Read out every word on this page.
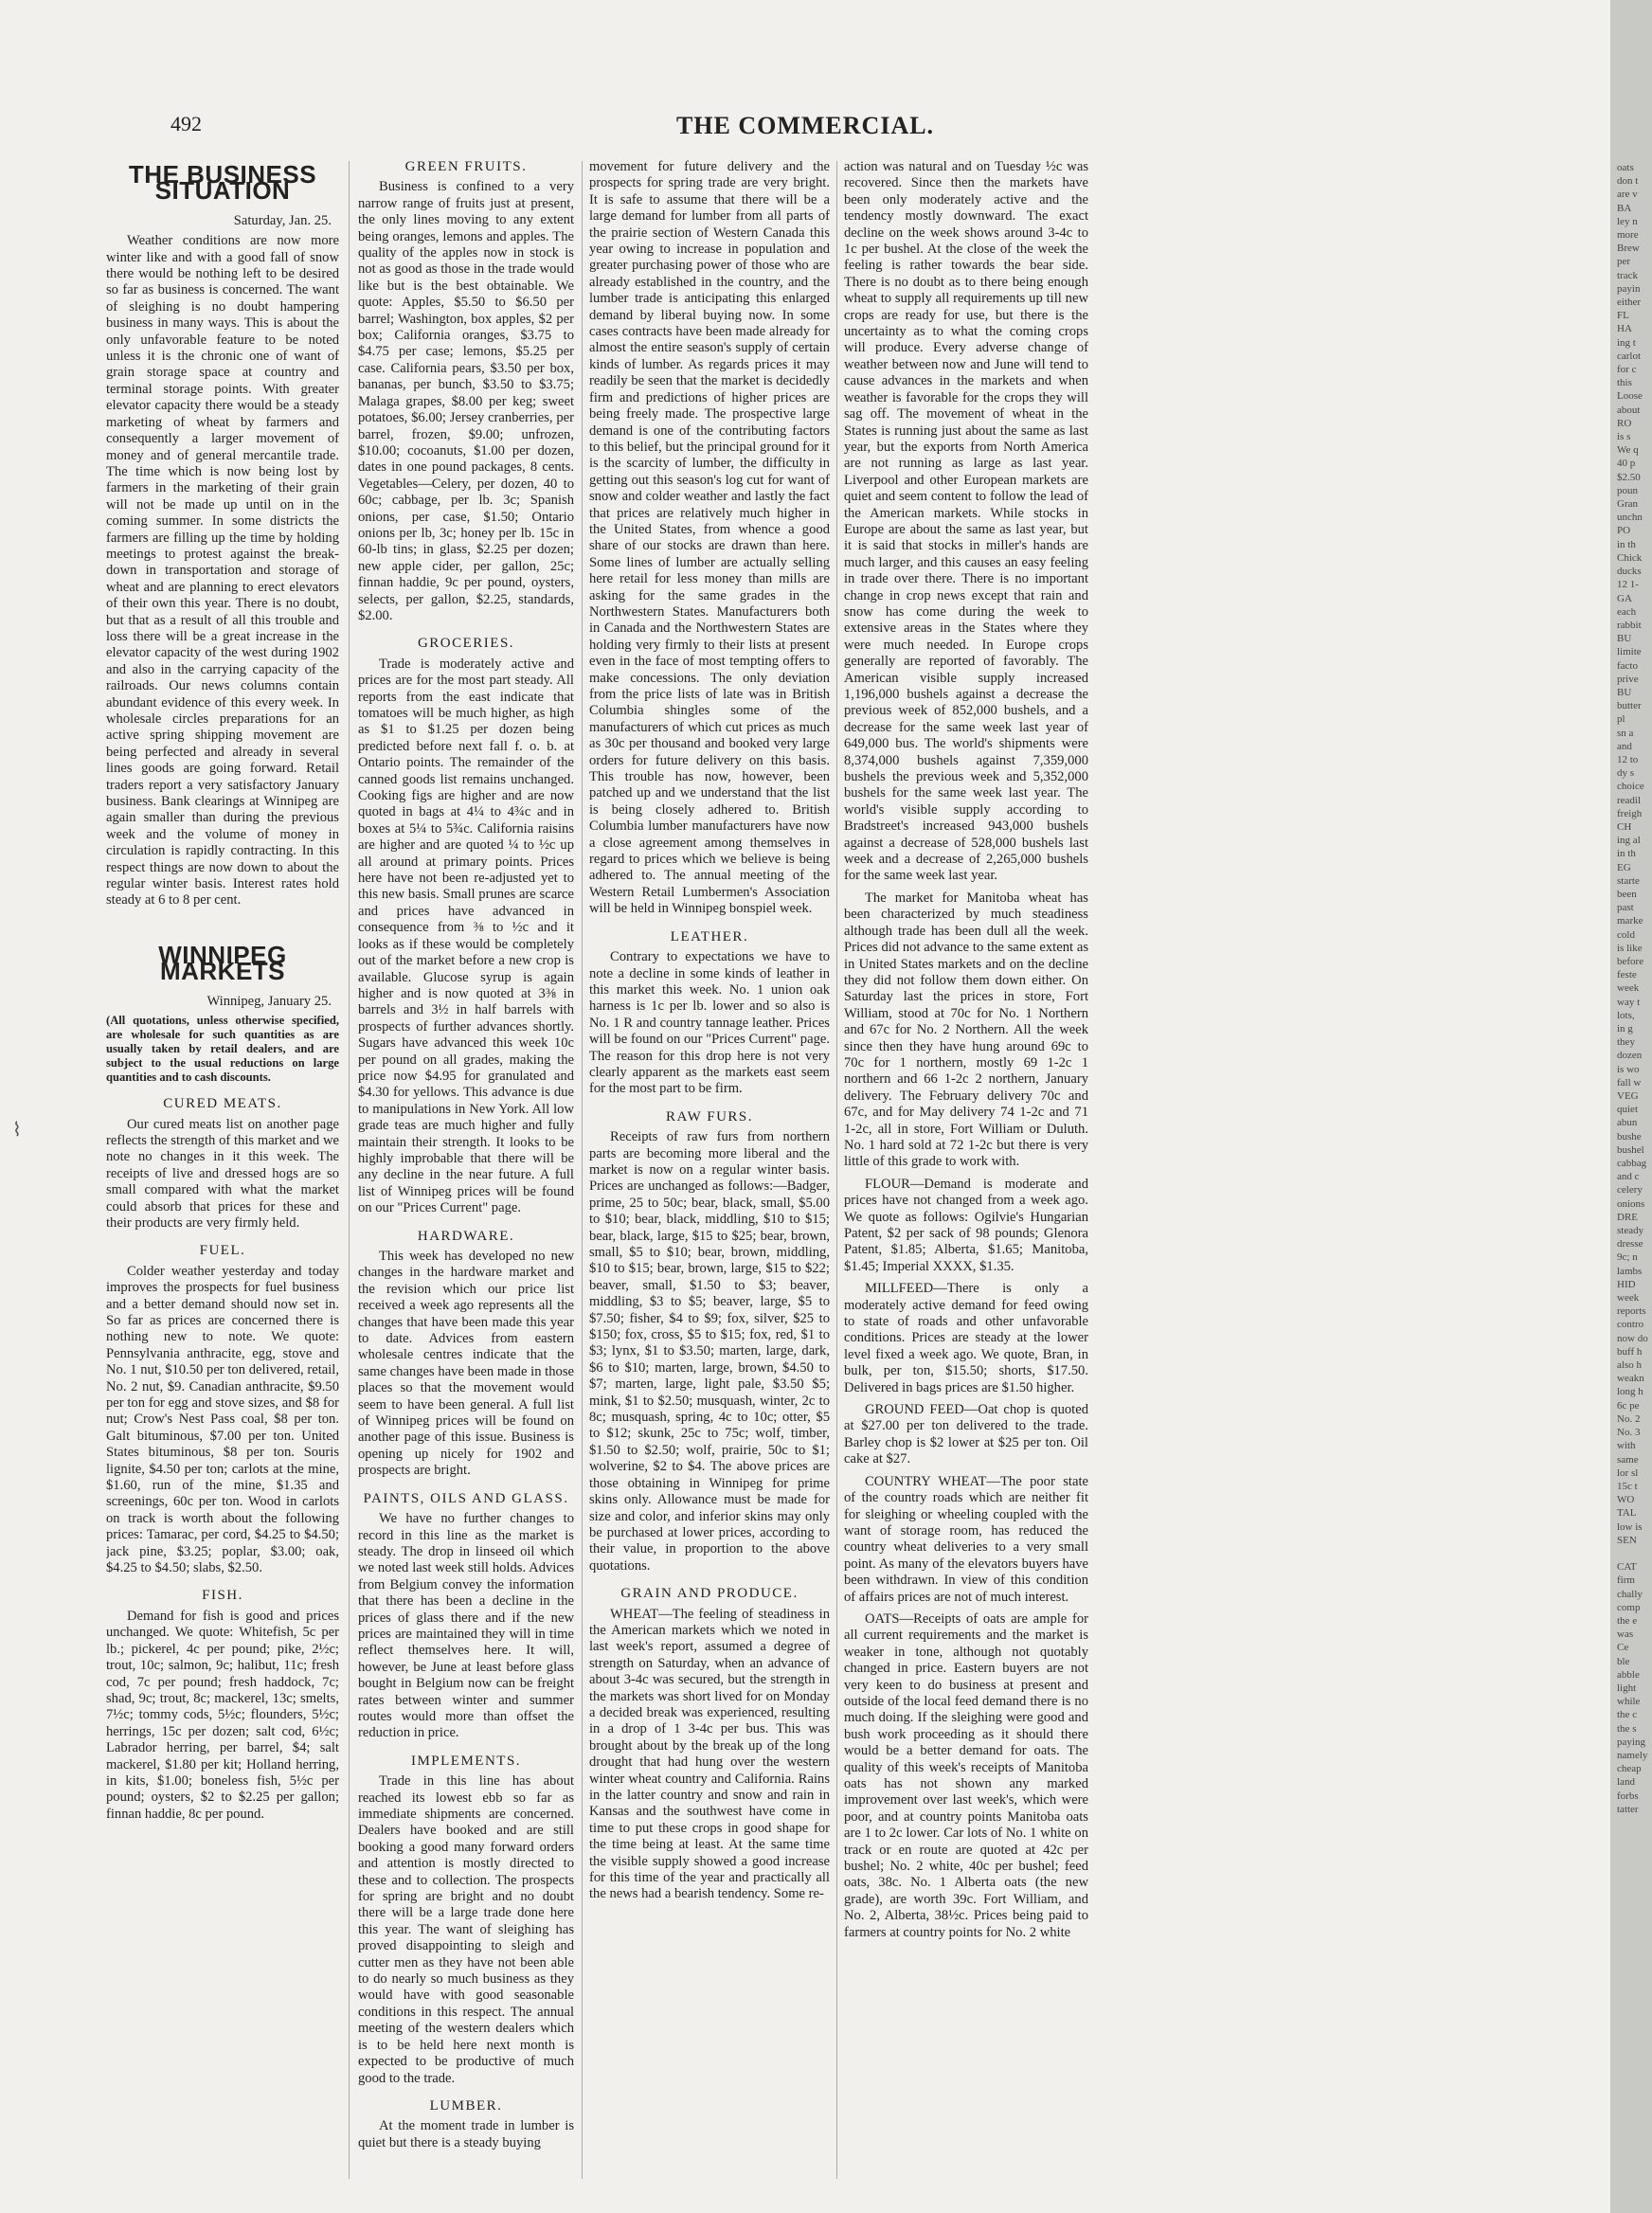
oats
don t
are v
BA
ley n
more
Brew
per
track
payin
either
FL
HA
ing t
carlot
for c
this
Loose
about
RO
is s
We q
40 p
$2.50
poun
Gran
unchn
PO
in th
Chick
ducks
12 1-
GA
each
rabbit
BU
limite
facto
prive
BU
butter
pl
sn a
and
12 to
dy s
choice
readil
freigh
CH
ing al
in th
EG
starte
been
past
marke
cold
is like
before
feste
week
way t
lots,
in g
they
dozen
is wo
fall w
VEG
quiet
abun
bushe
bushel
cabbag
and c
celery
onions
DRE
steady
dresse
9c; n
lambs
HID
week
reports
contro
now do
buff h
also h
weakn
long h
6c pe
No. 2
No. 3
with
same
lor sl
15c t
WO
TAL
low is
SEN

CAT
firm
chally
comp
the e
was
Ce
ble
abble
light
while
the c
the s
paying
namely
cheap
land
forbs
tatter
⌇
492	THE COMMERCIAL.
THE BUSINESS SITUATION
Saturday, Jan. 25.

Weather conditions are now more winter like and with a good fall of snow there would be nothing left to be desired so far as business is concerned. The want of sleighing is no doubt hampering business in many ways. This is about the only unfavorable feature to be noted unless it is the chronic one of want of grain storage space at country and terminal storage points. With greater elevator capacity there would be a steady marketing of wheat by farmers and consequently a larger movement of money and of general mercantile trade. The time which is now being lost by farmers in the marketing of their grain will not be made up until on in the coming summer. In some districts the farmers are filling up the time by holding meetings to protest against the break-down in transportation and storage of wheat and are planning to erect elevators of their own this year. There is no doubt, but that as a result of all this trouble and loss there will be a great increase in the elevator capacity of the west during 1902 and also in the carrying capacity of the railroads. Our news columns contain abundant evidence of this every week. In wholesale circles preparations for an active spring shipping movement are being perfected and already in several lines goods are going forward. Retail traders report a very satisfactory January business. Bank clearings at Winnipeg are again smaller than during the previous week and the volume of money in circulation is rapidly contracting. In this respect things are now down to about the regular winter basis. Interest rates hold steady at 6 to 8 per cent.

WINNIPEG MARKETS
Winnipeg, January 25.
(All quotations, unless otherwise specified, are wholesale for such quantities as are usually taken by retail dealers, and are subject to the usual reductions on large quantities and to cash discounts.
CURED MEATS.

Our cured meats list on another page reflects the strength of this market and we note no changes in it this week. The receipts of live and dressed hogs are so small compared with what the market could absorb that prices for these and their products are very firmly held.

FUEL.

Colder weather yesterday and today improves the prospects for fuel business and a better demand should now set in. So far as prices are concerned there is nothing new to note. We quote: Pennsylvania anthracite, egg, stove and No. 1 nut, $10.50 per ton delivered, retail, No. 2 nut, $9. Canadian anthracite, $9.50 per ton for egg and stove sizes, and $8 for nut; Crow's Nest Pass coal, $8 per ton. Galt bituminous, $7.00 per ton. United States bituminous, $8 per ton. Souris lignite, $4.50 per ton; carlots at the mine, $1.60, run of the mine, $1.35 and screenings, 60c per ton. Wood in carlots on track is worth about the following prices: Tamarac, per cord, $4.25 to $4.50; jack pine, $3.25; poplar, $3.00; oak, $4.25 to $4.50; slabs, $2.50.

FISH.

Demand for fish is good and prices unchanged. We quote: Whitefish, 5c per lb.; pickerel, 4c per pound; pike, 2½c; trout, 10c; salmon, 9c; halibut, 11c; fresh cod, 7c per pound; fresh haddock, 7c; shad, 9c; trout, 8c; mackerel, 13c; smelts, 7½c; tommy cods, 5½c; flounders, 5½c; herrings, 15c per dozen; salt cod, 6½c; Labrador herring, per barrel, $4; salt mackerel, $1.80 per kit; Holland herring, in kits, $1.00; boneless fish, 5½c per pound; oysters, $2 to $2.25 per gallon; finnan haddie, 8c per pound.

GREEN FRUITS.

Business is confined to a very narrow range of fruits just at present, the only lines moving to any extent being oranges, lemons and apples. The quality of the apples now in stock is not as good as those in the trade would like but is the best obtainable. We quote: Apples, $5.50 to $6.50 per barrel; Washington, box apples, $2 per box; California oranges, $3.75 to $4.75 per case; lemons, $5.25 per case. California pears, $3.50 per box, bananas, per bunch, $3.50 to $3.75; Malaga grapes, $8.00 per keg; sweet potatoes, $6.00; Jersey cranberries, per barrel, frozen, $9.00; unfrozen, $10.00; cocoanuts, $1.00 per dozen, dates in one pound packages, 8 cents. Vegetables—Celery, per dozen, 40 to 60c; cabbage, per lb. 3c; Spanish onions, per case, $1.50; Ontario onions per lb, 3c; honey per lb. 15c in 60-lb tins; in glass, $2.25 per dozen; new apple cider, per gallon, 25c; finnan haddie, 9c per pound, oysters, selects, per gallon, $2.25, standards, $2.00.

GROCERIES.

Trade is moderately active and prices are for the most part steady. All reports from the east indicate that tomatoes will be much higher, as high as $1 to $1.25 per dozen being predicted before next fall f. o. b. at Ontario points. The remainder of the canned goods list remains unchanged. Cooking figs are higher and are now quoted in bags at 4¼ to 4¾c and in boxes at 5¼ to 5¾c. California raisins are higher and are quoted ¼ to ½c up all around at primary points. Prices here have not been re-adjusted yet to this new basis. Small prunes are scarce and prices have advanced in consequence from ⅜ to ½c and it looks as if these would be completely out of the market before a new crop is available. Glucose syrup is again higher and is now quoted at 3⅜ in barrels and 3½ in half barrels with prospects of further advances shortly. Sugars have advanced this week 10c per pound on all grades, making the price now $4.95 for granulated and $4.30 for yellows. This advance is due to manipulations in New York. All low grade teas are much higher and fully maintain their strength. It looks to be highly improbable that there will be any decline in the near future. A full list of Winnipeg prices will be found on our "Prices Current" page.

HARDWARE.

This week has developed no new changes in the hardware market and the revision which our price list received a week ago represents all the changes that have been made this year to date. Advices from eastern wholesale centres indicate that the same changes have been made in those places so that the movement would seem to have been general. A full list of Winnipeg prices will be found on another page of this issue. Business is opening up nicely for 1902 and prospects are bright.

PAINTS, OILS AND GLASS.

We have no further changes to record in this line as the market is steady. The drop in linseed oil which we noted last week still holds. Advices from Belgium convey the information that there has been a decline in the prices of glass there and if the new prices are maintained they will in time reflect themselves here. It will, however, be June at least before glass bought in Belgium now can be freight rates between winter and summer routes would more than offset the reduction in price.

IMPLEMENTS.

Trade in this line has about reached its lowest ebb so far as immediate shipments are concerned. Dealers have booked and are still booking a good many forward orders and attention is mostly directed to these and to collection. The prospects for spring are bright and no doubt there will be a large trade done here this year. The want of sleighing has proved disappointing to sleigh and cutter men as they have not been able to do nearly so much business as they would have with good seasonable conditions in this respect. The annual meeting of the western dealers which is to be held here next month is expected to be productive of much good to the trade.

LUMBER.

At the moment trade in lumber is quiet but there is a steady buying

movement for future delivery and the prospects for spring trade are very bright. It is safe to assume that there will be a large demand for lumber from all parts of the prairie section of Western Canada this year owing to increase in population and greater purchasing power of those who are already established in the country, and the lumber trade is anticipating this enlarged demand by liberal buying now. In some cases contracts have been made already for almost the entire season's supply of certain kinds of lumber. As regards prices it may readily be seen that the market is decidedly firm and predictions of higher prices are being freely made. The prospective large demand is one of the contributing factors to this belief, but the principal ground for it is the scarcity of lumber, the difficulty in getting out this season's log cut for want of snow and colder weather and lastly the fact that prices are relatively much higher in the United States, from whence a good share of our stocks are drawn than here. Some lines of lumber are actually selling here retail for less money than mills are asking for the same grades in the Northwestern States. Manufacturers both in Canada and the Northwestern States are holding very firmly to their lists at present even in the face of most tempting offers to make concessions. The only deviation from the price lists of late was in British Columbia shingles some of the manufacturers of which cut prices as much as 30c per thousand and booked very large orders for future delivery on this basis. This trouble has now, however, been patched up and we understand that the list is being closely adhered to. British Columbia lumber manufacturers have now a close agreement among themselves in regard to prices which we believe is being adhered to. The annual meeting of the Western Retail Lumbermen's Association will be held in Winnipeg bonspiel week.

LEATHER.

Contrary to expectations we have to note a decline in some kinds of leather in this market this week. No. 1 union oak harness is 1c per lb. lower and so also is No. 1 R and country tannage leather. Prices will be found on our "Prices Current" page. The reason for this drop here is not very clearly apparent as the markets east seem for the most part to be firm.

RAW FURS.

Receipts of raw furs from northern parts are becoming more liberal and the market is now on a regular winter basis. Prices are unchanged as follows:—Badger, prime, 25 to 50c; bear, black, small, $5.00 to $10; bear, black, middling, $10 to $15; bear, black, large, $15 to $25; bear, brown, small, $5 to $10; bear, brown, middling, $10 to $15; bear, brown, large, $15 to $22; beaver, small, $1.50 to $3; beaver, middling, $3 to $5; beaver, large, $5 to $7.50; fisher, $4 to $9; fox, silver, $25 to $150; fox, cross, $5 to $15; fox, red, $1 to $3; lynx, $1 to $3.50; marten, large, dark, $6 to $10; marten, large, brown, $4.50 to $7; marten, large, light pale, $3.50 $5; mink, $1 to $2.50; musquash, winter, 2c to 8c; musquash, spring, 4c to 10c; otter, $5 to $12; skunk, 25c to 75c; wolf, timber, $1.50 to $2.50; wolf, prairie, 50c to $1; wolverine, $2 to $4. The above prices are those obtaining in Winnipeg for prime skins only. Allowance must be made for size and color, and inferior skins may only be purchased at lower prices, according to their value, in proportion to the above quotations.

GRAIN AND PRODUCE.

WHEAT—The feeling of steadiness in the American markets which we noted in last week's report, assumed a degree of strength on Saturday, when an advance of about 3-4c was secured, but the strength in the markets was short lived for on Monday a decided break was experienced, resulting in a drop of 1 3-4c per bus. This was brought about by the break up of the long drought that had hung over the western winter wheat country and California. Rains in the latter country and snow and rain in Kansas and the southwest have come in time to put these crops in good shape for the time being at least. At the same time the visible supply showed a good increase for this time of the year and practically all the news had a bearish tendency. Some re-

action was natural and on Tuesday ½c was recovered. Since then the markets have been only moderately active and the tendency mostly downward. The exact decline on the week shows around 3-4c to 1c per bushel. At the close of the week the feeling is rather towards the bear side. There is no doubt as to there being enough wheat to supply all requirements up till new crops are ready for use, but there is the uncertainty as to what the coming crops will produce. Every adverse change of weather between now and June will tend to cause advances in the markets and when weather is favorable for the crops they will sag off. The movement of wheat in the States is running just about the same as last year, but the exports from North America are not running as large as last year. Liverpool and other European markets are quiet and seem content to follow the lead of the American markets. While stocks in Europe are about the same as last year, but it is said that stocks in miller's hands are much larger, and this causes an easy feeling in trade over there. There is no important change in crop news except that rain and snow has come during the week to extensive areas in the States where they were much needed. In Europe crops generally are reported of favorably. The American visible supply increased 1,196,000 bushels against a decrease the previous week of 852,000 bushels, and a decrease for the same week last year of 649,000 bus. The world's shipments were 8,374,000 bushels against 7,359,000 bushels the previous week and 5,352,000 bushels for the same week last year. The world's visible supply according to Bradstreet's increased 943,000 bushels against a decrease of 528,000 bushels last week and a decrease of 2,265,000 bushels for the same week last year.

The market for Manitoba wheat has been characterized by much steadiness although trade has been dull all the week. Prices did not advance to the same extent as in United States markets and on the decline they did not follow them down either. On Saturday last the prices in store, Fort William, stood at 70c for No. 1 Northern and 67c for No. 2 Northern. All the week since then they have hung around 69c to 70c for 1 northern, mostly 69 1-2c 1 northern and 66 1-2c 2 northern, January delivery. The February delivery 70c and 67c, and for May delivery 74 1-2c and 71 1-2c, all in store, Fort William or Duluth. No. 1 hard sold at 72 1-2c but there is very little of this grade to work with.

FLOUR—Demand is moderate and prices have not changed from a week ago. We quote as follows: Ogilvie's Hungarian Patent, $2 per sack of 98 pounds; Glenora Patent, $1.85; Alberta, $1.65; Manitoba, $1.45; Imperial XXXX, $1.35.

MILLFEED—There is only a moderately active demand for feed owing to state of roads and other unfavorable conditions. Prices are steady at the lower level fixed a week ago. We quote, Bran, in bulk, per ton, $15.50; shorts, $17.50. Delivered in bags prices are $1.50 higher.

GROUND FEED—Oat chop is quoted at $27.00 per ton delivered to the trade. Barley chop is $2 lower at $25 per ton. Oil cake at $27.

COUNTRY WHEAT—The poor state of the country roads which are neither fit for sleighing or wheeling coupled with the want of storage room, has reduced the country wheat deliveries to a very small point. As many of the elevators buyers have been withdrawn. In view of this condition of affairs prices are not of much interest.

OATS—Receipts of oats are ample for all current requirements and the market is weaker in tone, although not quotably changed in price. Eastern buyers are not very keen to do business at present and outside of the local feed demand there is no much doing. If the sleighing were good and bush work proceeding as it should there would be a better demand for oats. The quality of this week's receipts of Manitoba oats has not shown any marked improvement over last week's, which were poor, and at country points Manitoba oats are 1 to 2c lower. Car lots of No. 1 white on track or en route are quoted at 42c per bushel; No. 2 white, 40c per bushel; feed oats, 38c. No. 1 Alberta oats (the new grade), are worth 39c. Fort William, and No. 2, Alberta, 38½c. Prices being paid to farmers at country points for No. 2 white
